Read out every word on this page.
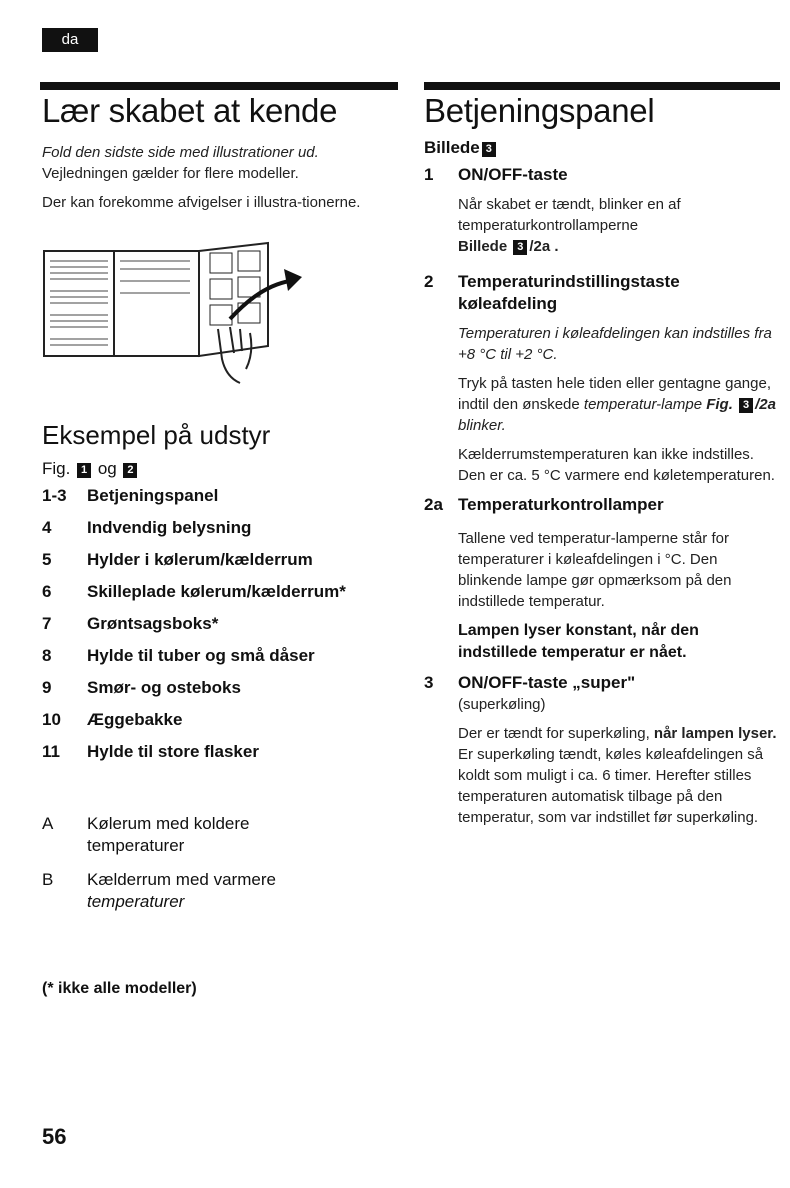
da
Lær skabet at kende

Fold den sidste side med illustrationer ud.

Vejledningen gælder for flere modeller.

Der kan forekomme afvigelser i illustra-tionerne.

Eksempel på udstyr
Fig. 1 og 2
1-3	Betjeningspanel
4	Indvendig belysning
5	Hylder i kølerum/kælderrum
6	Skilleplade kølerum/kælderrum*
7	Grøntsagsboks*
8	Hylde til tuber og små dåser
9	Smør- og osteboks
10	Æggebakke
11	Hylde til store flasker
A	Kølerum med koldere
temperaturer
B	Kælderrum med varmere
temperaturer
(* ikke alle modeller)
Betjeningspanel
Billede 3
1	ON/OFF-taste

Når skabet er tændt, blinker en af temperaturkontrollamperne
Billede 3 /2a .

2	Temperaturindstillingstaste køleafdeling

Temperaturen i køleafdelingen kan indstilles fra +8 °C til +2 °C.

Tryk på tasten hele tiden eller gentagne gange, indtil den ønskede temperatur-lampe Fig. 3 /2a blinker.

Kælderrumstemperaturen kan ikke indstilles. Den er ca. 5 °C varmere end køletemperaturen.

2a Temperaturkontrollamper

Tallene ved temperatur-lamperne står for temperaturer i køleafdelingen i °C. Den blinkende lampe gør opmærksom på den indstillede temperatur.

Lampen lyser konstant, når den indstillede temperatur er nået.

3	ON/OFF-taste „super"

(superkøling)

Der er tændt for superkøling, når lampen lyser. Er superkøling tændt, køles køleafdelingen så koldt som muligt i ca. 6 timer. Herefter stilles temperaturen automatisk tilbage på den temperatur, som var indstillet før superkøling.

56
